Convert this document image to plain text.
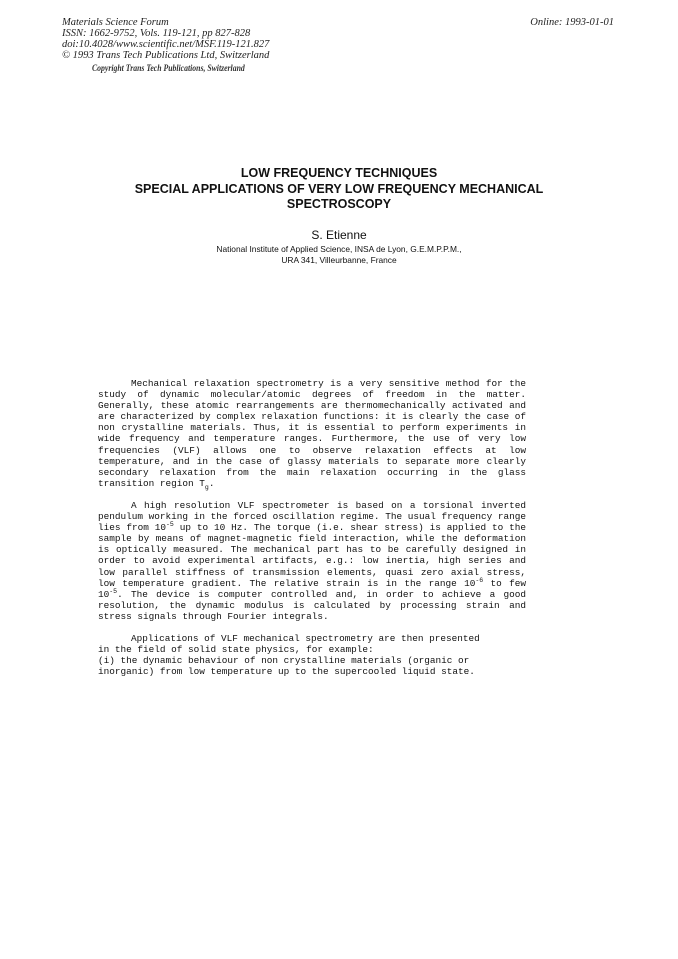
Materials Science Forum
ISSN: 1662-9752, Vols. 119-121, pp 827-828
doi:10.4028/www.scientific.net/MSF.119-121.827
© 1993 Trans Tech Publications Ltd, Switzerland
Online: 1993-01-01
Copyright Trans Tech Publications, Switzerland
LOW FREQUENCY TECHNIQUES
SPECIAL APPLICATIONS OF VERY LOW FREQUENCY MECHANICAL
SPECTROSCOPY
S. Etienne
National Institute of Applied Science, INSA de Lyon, G.E.M.P.P.M.,
URA 341, Villeurbanne, France

Mechanical relaxation spectrometry is a very sensitive method for the study of dynamic molecular/atomic degrees of freedom in the matter. Generally, these atomic rearrangements are thermomechanically activated and are characterized by complex relaxation functions: it is clearly the case of non crystalline materials. Thus, it is essential to perform experiments in wide frequency and temperature ranges. Furthermore, the use of very low frequencies (VLF) allows one to observe relaxation effects at low temperature, and in the case of glassy materials to separate more clearly secondary relaxation from the main relaxation occurring in the glass transition region $T_g$.

A high resolution VLF spectrometer is based on a torsional inverted pendulum working in the forced oscillation regime. The usual frequency range lies from $10^{-5}$ up to 10 Hz. The torque (i.e. shear stress) is applied to the sample by means of magnet-magnetic field interaction, while the deformation is optically measured. The mechanical part has to be carefully designed in order to avoid experimental artifacts, e.g.: low inertia, high series and low parallel stiffness of transmission elements, quasi zero axial stress, low temperature gradient. The relative strain is in the range $10^{-6}$ to few $10^{-5}$. The device is computer controlled and, in order to achieve a good resolution, the dynamic modulus is calculated by processing strain and stress signals through Fourier integrals.

Applications of VLF mechanical spectrometry are then presented
in the field of solid state physics, for example:
(i) the dynamic behaviour of non crystalline materials (organic or
inorganic) from low temperature up to the supercooled liquid state.
